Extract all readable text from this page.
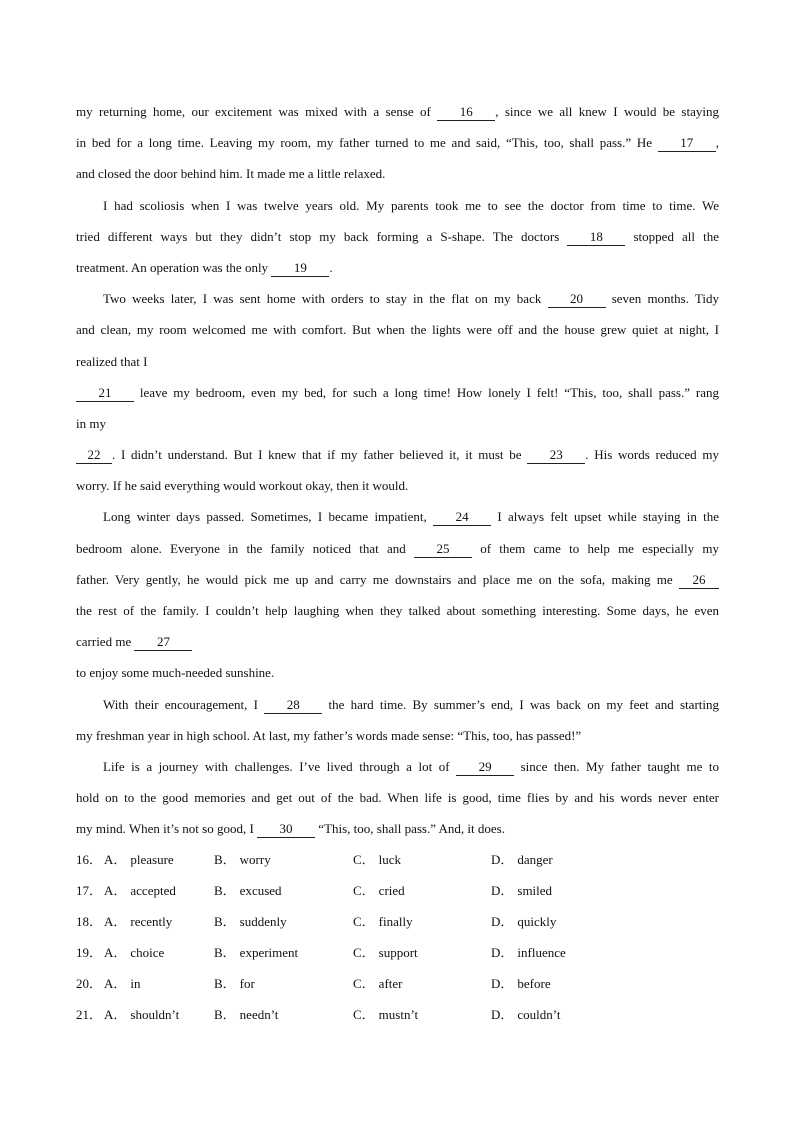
my returning home, our excitement was mixed with a sense of 16 , since we all knew I would be staying
in bed for a long time. Leaving my room, my father turned to me and said, “This, too, shall pass.” He 17 ,
and closed the door behind him. It made me a little relaxed.
I had scoliosis when I was twelve years old. My parents took me to see the doctor from time to time. We
tried different ways but they didn’t stop my back forming a S-shape. The doctors 18 stopped all the
treatment. An operation was the only 19 .
Two weeks later, I was sent home with orders to stay in the flat on my back 20 seven months. Tidy
and clean, my room welcomed me with comfort. But when the lights were off and the house grew quiet at night, I
realized that I
21 leave my bedroom, even my bed, for such a long time! How lonely I felt! “This, too, shall pass.” rang
in my
22 . I didn’t understand. But I knew that if my father believed it, it must be 23 . His words reduced my
worry. If he said everything would workout okay, then it would.
Long winter days passed. Sometimes, I became impatient, 24 I always felt upset while staying in the
bedroom alone. Everyone in the family noticed that and 25 of them came to help me especially my
father. Very gently, he would pick me up and carry me downstairs and place me on the sofa, making me 26
the rest of the family. I couldn’t help laughing when they talked about something interesting. Some days, he even
carried me 27
to enjoy some much-needed sunshine.
With their encouragement, I 28 the hard time. By summer’s end, I was back on my feet and starting
my freshman year in high school. At last, my father’s words made sense: “This, too, has passed!”
Life is a journey with challenges. I’ve lived through a lot of 29 since then. My father taught me to
hold on to the good memories and get out of the bad. When life is good, time flies by and his words never enter
my mind. When it’s not so good, I 30 “This, too, shall pass.” And, it does.
16． A． pleasure	B． worry	C． luck	D． danger
17． A． accepted	B． excused	C． cried	D． smiled
18． A． recently	B． suddenly	C． finally	D． quickly
19． A． choice	B． experiment	C． support	D． influence
20． A． in	B． for	C． after	D． before
21． A． shouldn’t	B． needn’t	C． mustn’t	D． couldn’t
